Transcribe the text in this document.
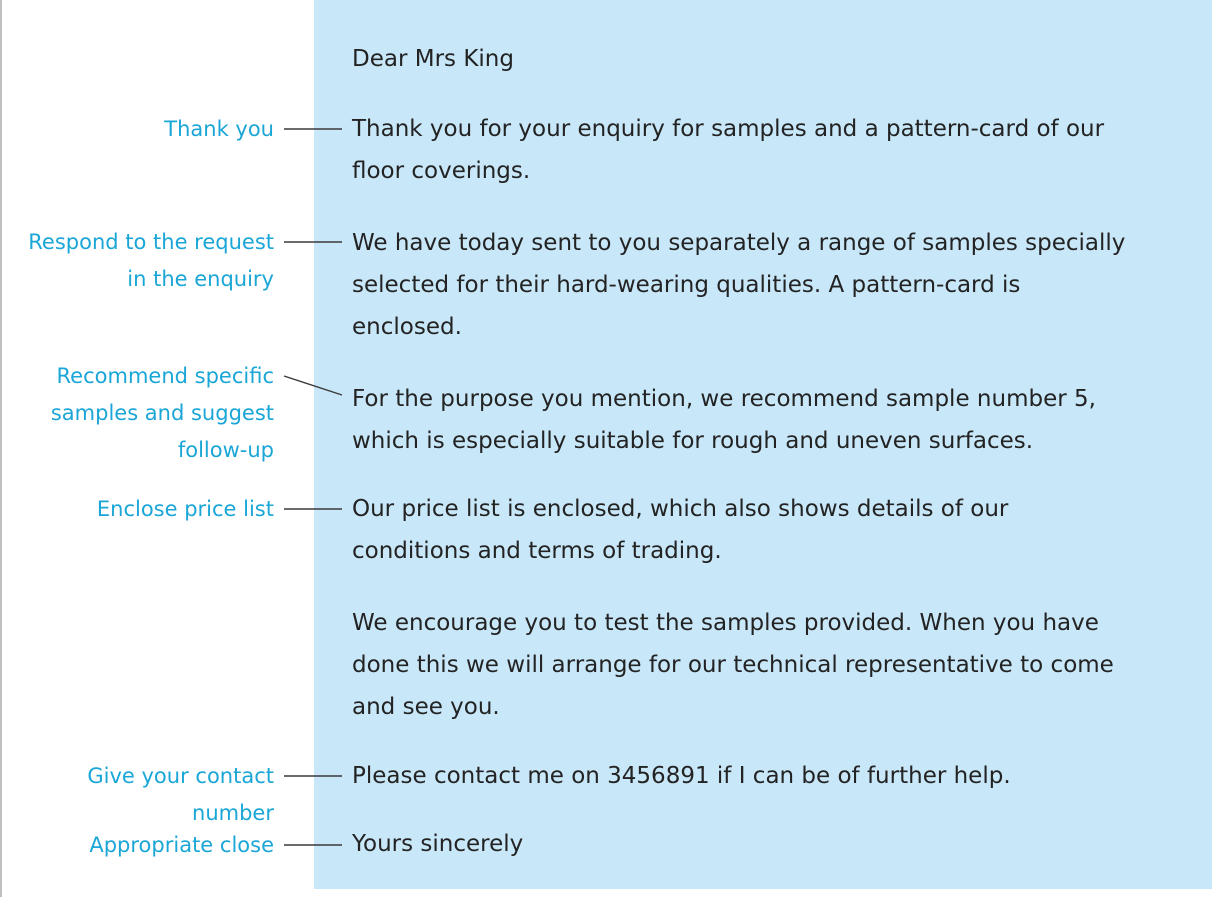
Dear Mrs King

Thank you for your enquiry for samples and a pattern-card of our

floor coverings.

We have today sent to you separately a range of samples specially

selected for their hard-wearing qualities. A pattern-card is

enclosed.

For the purpose you mention, we recommend sample number 5,

which is especially suitable for rough and uneven surfaces.

Our price list is enclosed, which also shows details of our

conditions and terms of trading.

We encourage you to test the samples provided. When you have

done this we will arrange for our technical representative to come

and see you.

Please contact me on 3456891 if I can be of further help.

Yours sincerely

Thank you

Respond to the request

in the enquiry

Recommend specific

samples and suggest

follow-up

Enclose price list

Give your contact

number

Appropriate close
